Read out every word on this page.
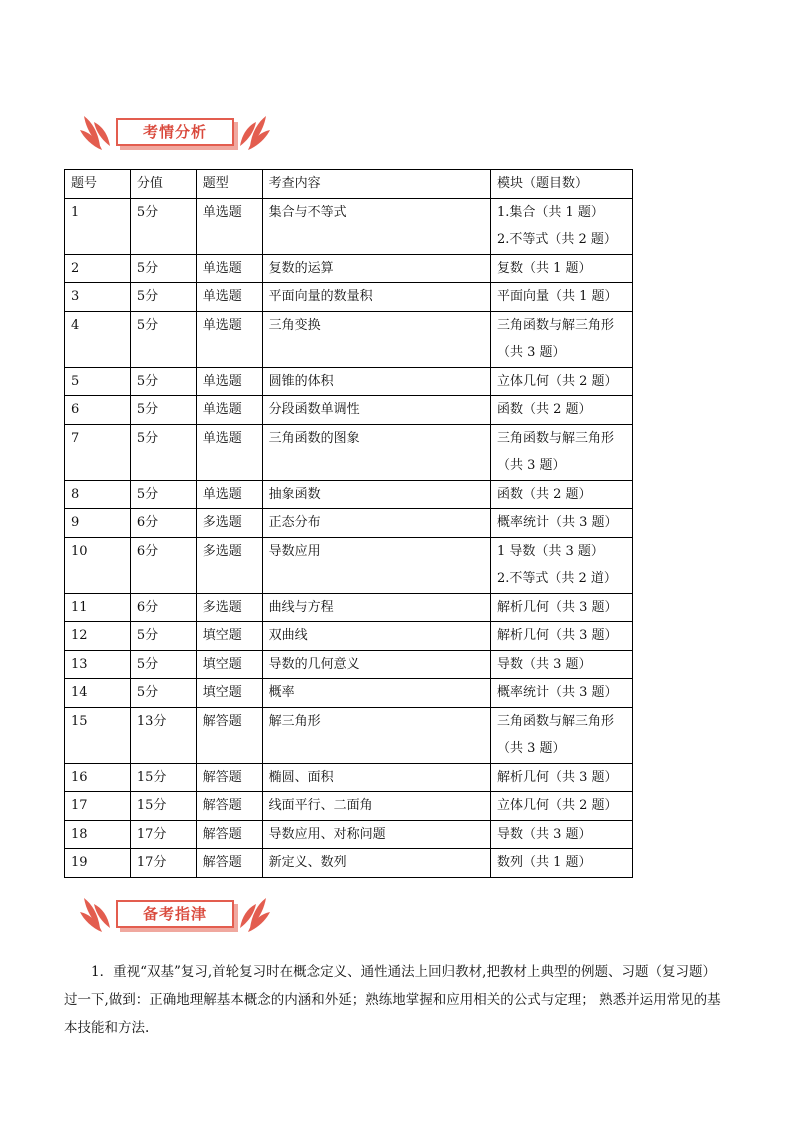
考情分析
题号	分值	题型	考查内容	模块（题目数）
1	5分	单选题	集合与不等式	1.集合（共 1 题）
2.不等式（共 2 题）

2	5分	单选题	复数的运算	复数（共 1 题）

3	5分	单选题	平面向量的数量积	平面向量（共 1 题）

4	5分	单选题	三角变换	三角函数与解三角形
（共 3 题）

5	5分	单选题	圆锥的体积	立体几何（共 2 题）

6	5分	单选题	分段函数单调性	函数（共 2 题）

7	5分	单选题	三角函数的图象	三角函数与解三角形
（共 3 题）

8	5分	单选题	抽象函数	函数（共 2 题）

9	6分	多选题	正态分布	概率统计（共 3 题）

10	6分	多选题	导数应用	1 导数（共 3 题）
2.不等式（共 2 道）

11	6分	多选题	曲线与方程	解析几何（共 3 题）

12	5分	填空题	双曲线	解析几何（共 3 题）

13	5分	填空题	导数的几何意义	导数（共 3 题）

14	5分	填空题	概率	概率统计（共 3 题）

15	13分	解答题	解三角形	三角函数与解三角形
（共 3 题）

16	15分	解答题	椭圆、面积	解析几何（共 3 题）

17	15分	解答题	线面平行、二面角	立体几何（共 2 题）

18	17分	解答题	导数应用、对称问题	导数（共 3 题）

19	17分	解答题	新定义、数列	数列（共 1 题）
备考指津

1．重视“双基”复习,首轮复习时在概念定义、通性通法上回归教材,把教材上典型的例题、习题（复习题）过一下,做到：正确地理解基本概念的内涵和外延；熟练地掌握和应用相关的公式与定理； 熟悉并运用常见的基本技能和方法.
